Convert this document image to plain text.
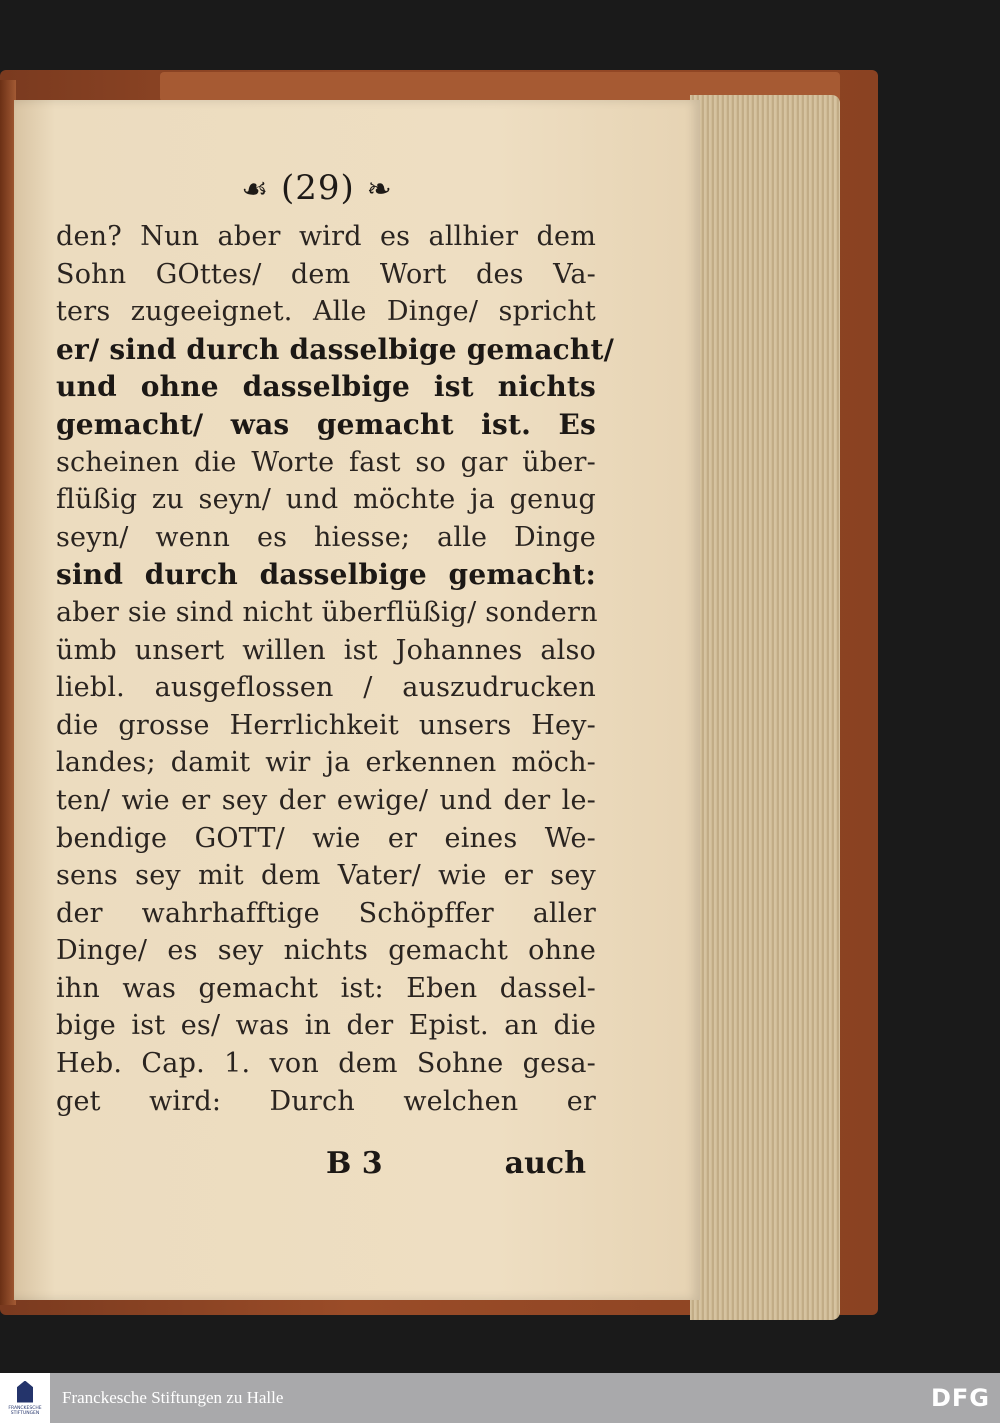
☙ (29) ❧
den? Nun aber wird es allhier dem
Sohn GOttes/ dem Wort des Va-
ters zugeeignet. Alle Dinge/ spricht
er/ sind durch dasselbige gemacht/
und ohne dasselbige ist nichts
gemacht/ was gemacht ist. Es
scheinen die Worte fast so gar über-
flüßig zu seyn/ und möchte ja genug
seyn/ wenn es hiesse; alle Dinge
sind durch dasselbige gemacht:
aber sie sind nicht überflüßig/ sondern
ümb unsert willen ist Johannes also
liebl. ausgeflossen / auszudrucken
die grosse Herrlichkeit unsers Hey-
landes; damit wir ja erkennen möch-
ten/ wie er sey der ewige/ und der le-
bendige GOTT/ wie er eines We-
sens sey mit dem Vater/ wie er sey
der wahrhafftige Schöpffer aller
Dinge/ es sey nichts gemacht ohne
ihn was gemacht ist: Eben dassel-
bige ist es/ was in der Epist. an die
Heb. Cap. 1. von dem Sohne gesa-
get wird: Durch welchen er
B 3	auch
FRANCKESCHE STIFTUNGEN
Franckesche Stiftungen zu Halle	DFG
